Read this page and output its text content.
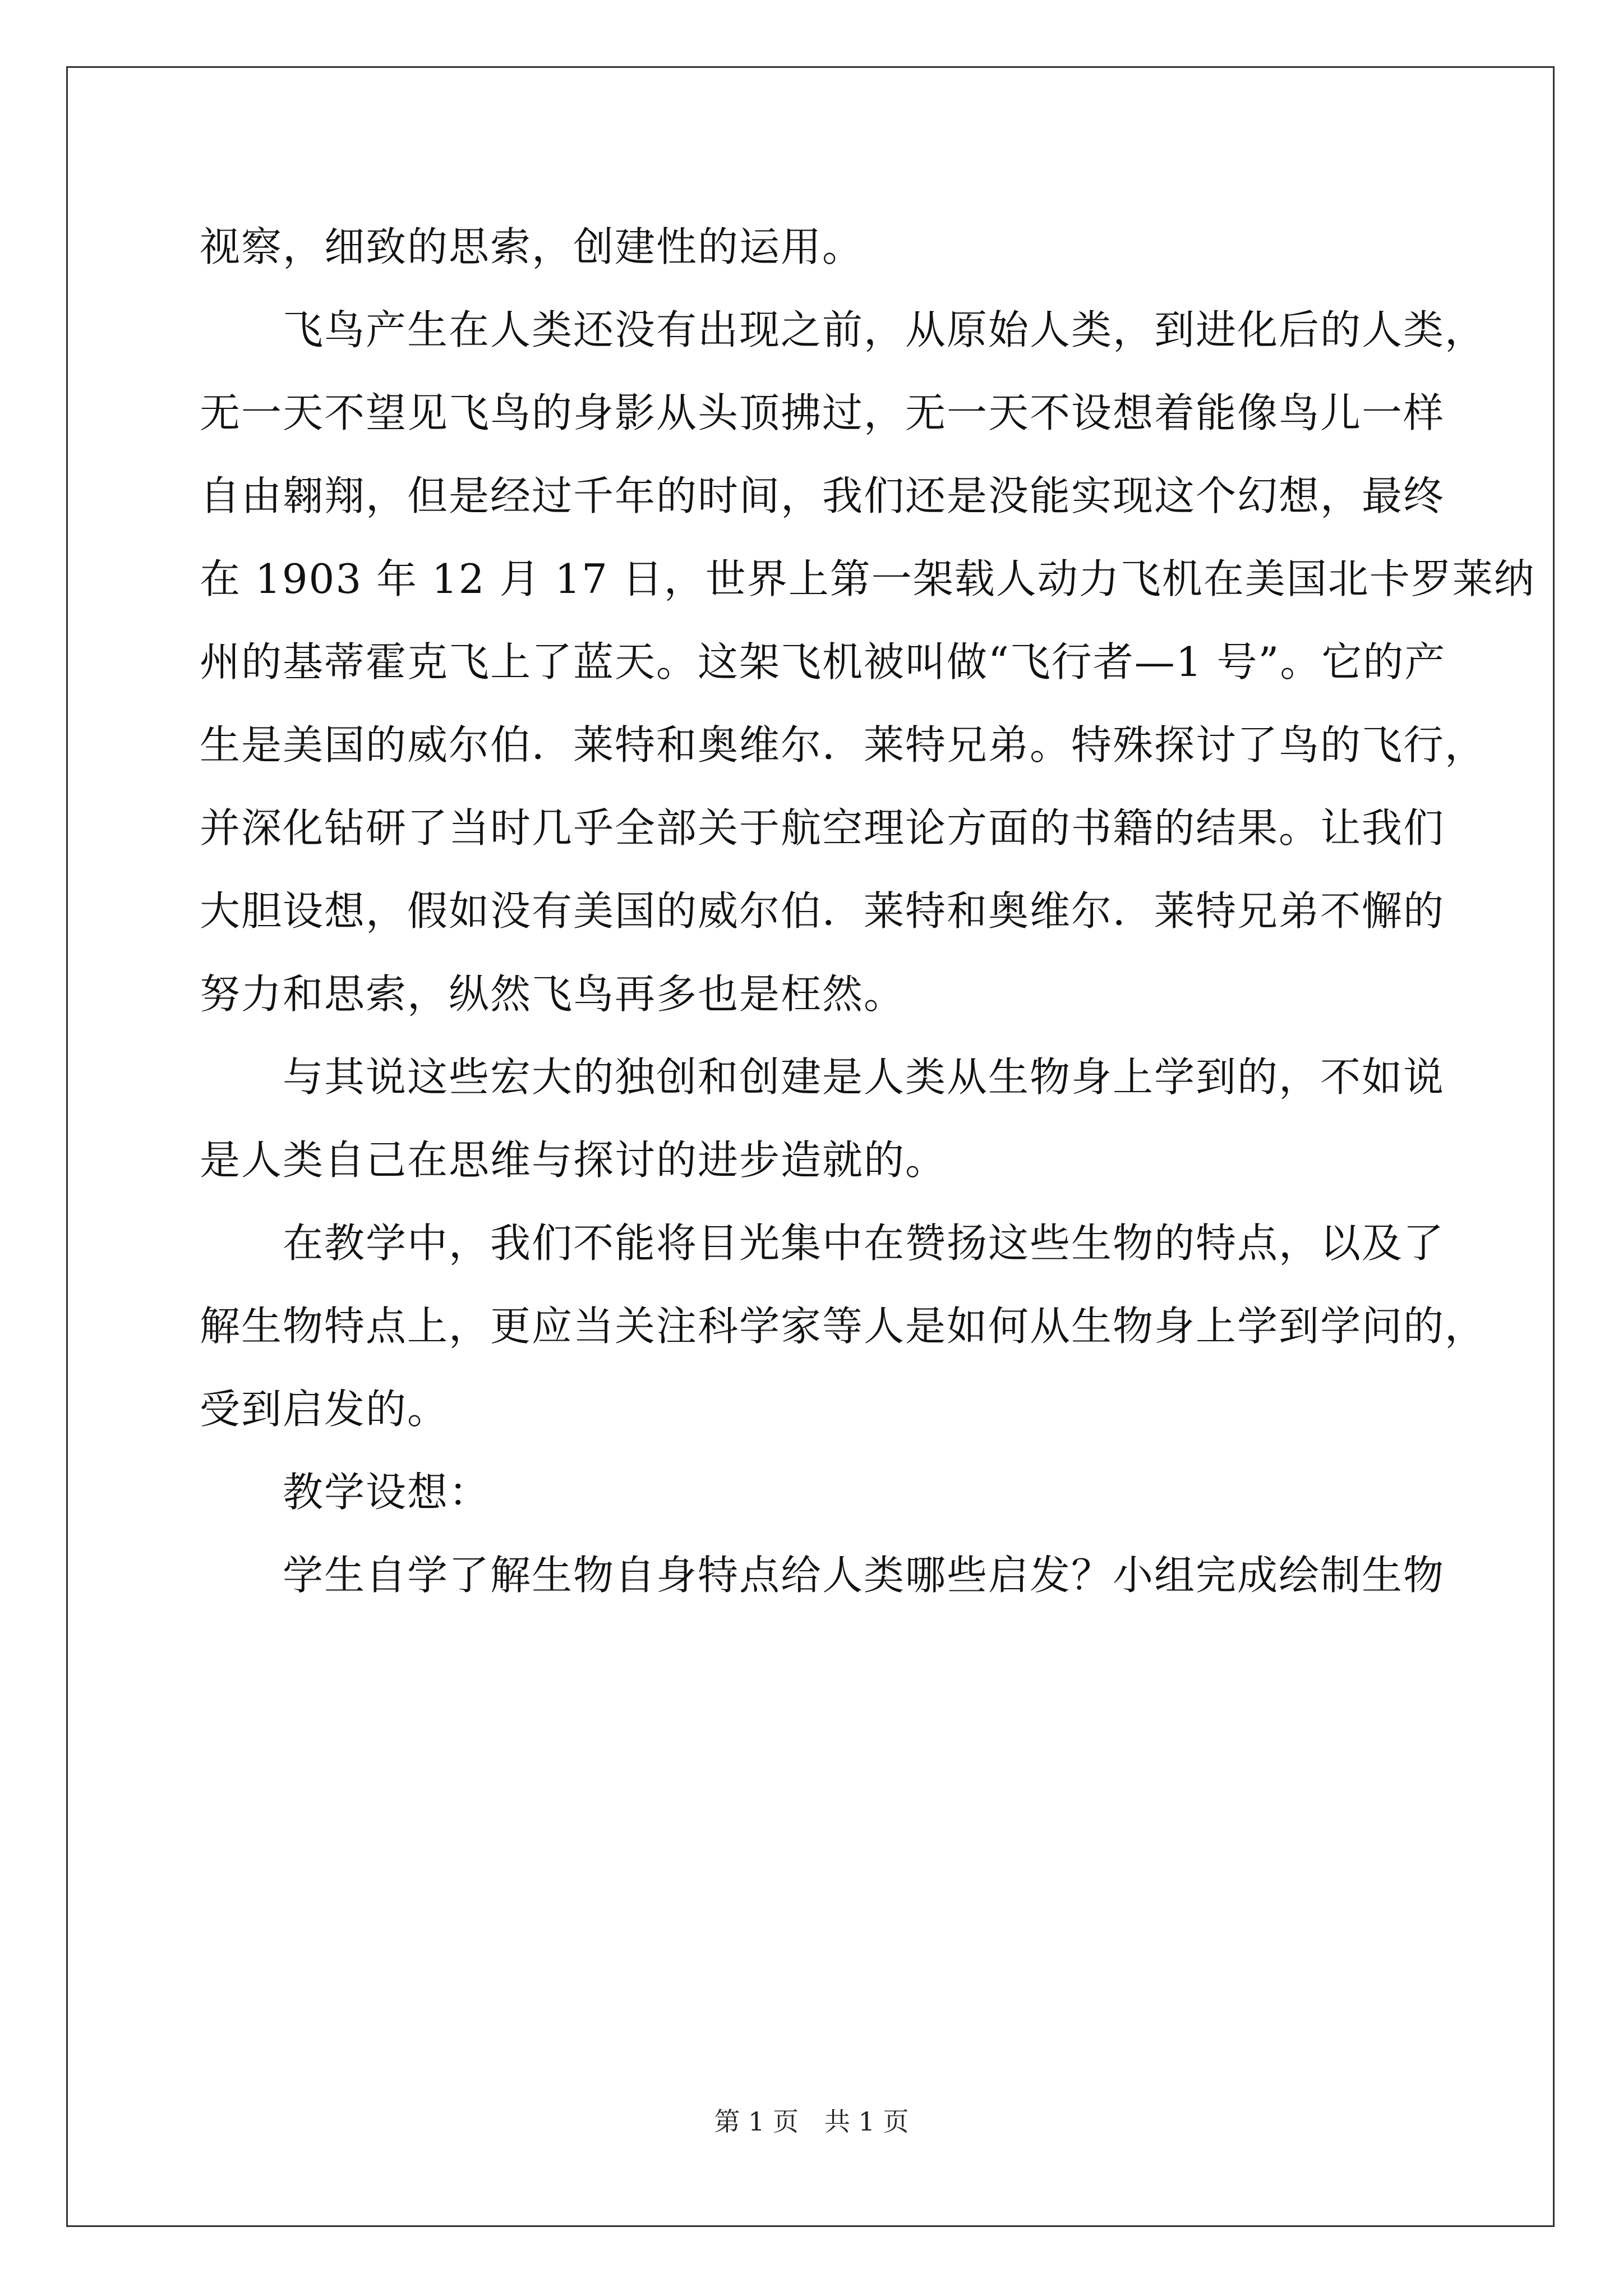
视察，细致的思索，创建性的运用。
飞鸟产生在人类还没有出现之前，从原始人类，到进化后的人类，
无一天不望见飞鸟的身影从头顶拂过，无一天不设想着能像鸟儿一样
自由翱翔，但是经过千年的时间，我们还是没能实现这个幻想，最终
在 1903 年 12 月 17 日，世界上第一架载人动力飞机在美国北卡罗莱纳
州的基蒂霍克飞上了蓝天。这架飞机被叫做“飞行者—1 号”。它的产
生是美国的威尔伯．莱特和奥维尔．莱特兄弟。特殊探讨了鸟的飞行，
并深化钻研了当时几乎全部关于航空理论方面的书籍的结果。让我们
大胆设想，假如没有美国的威尔伯．莱特和奥维尔．莱特兄弟不懈的
努力和思索，纵然飞鸟再多也是枉然。
与其说这些宏大的独创和创建是人类从生物身上学到的，不如说
是人类自己在思维与探讨的进步造就的。
在教学中，我们不能将目光集中在赞扬这些生物的特点，以及了
解生物特点上，更应当关注科学家等人是如何从生物身上学到学问的，
受到启发的。
教学设想：
学生自学了解生物自身特点给人类哪些启发？小组完成绘制生物
第 1 页　共 1 页
